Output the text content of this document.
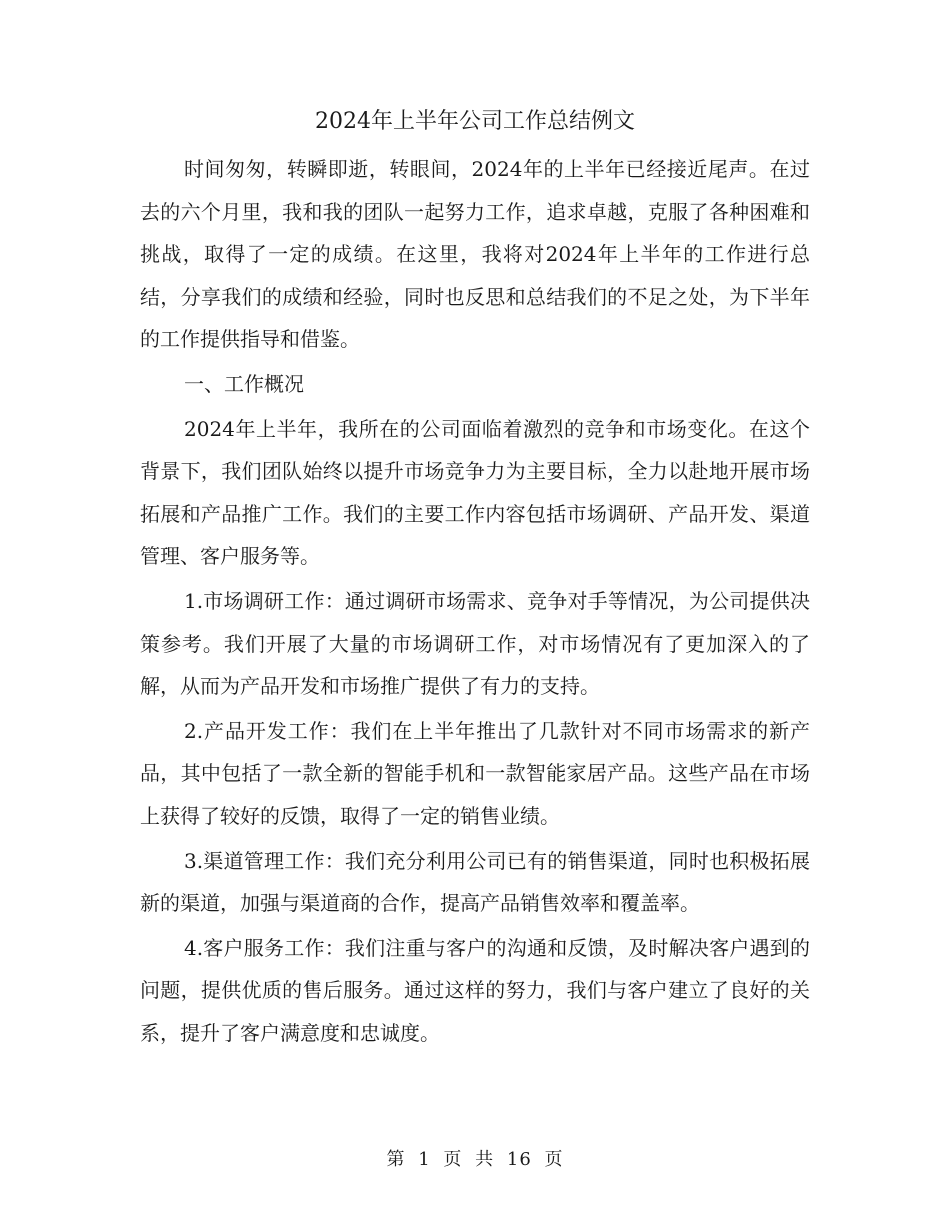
2024年上半年公司工作总结例文

时间匆匆，转瞬即逝，转眼间，2024年的上半年已经接近尾声。在过去的六个月里，我和我的团队一起努力工作，追求卓越，克服了各种困难和挑战，取得了一定的成绩。在这里，我将对2024年上半年的工作进行总结，分享我们的成绩和经验，同时也反思和总结我们的不足之处，为下半年的工作提供指导和借鉴。

一、工作概况

2024年上半年，我所在的公司面临着激烈的竞争和市场变化。在这个背景下，我们团队始终以提升市场竞争力为主要目标，全力以赴地开展市场拓展和产品推广工作。我们的主要工作内容包括市场调研、产品开发、渠道管理、客户服务等。

1.市场调研工作：通过调研市场需求、竞争对手等情况，为公司提供决策参考。我们开展了大量的市场调研工作，对市场情况有了更加深入的了解，从而为产品开发和市场推广提供了有力的支持。

2.产品开发工作：我们在上半年推出了几款针对不同市场需求的新产品，其中包括了一款全新的智能手机和一款智能家居产品。这些产品在市场上获得了较好的反馈，取得了一定的销售业绩。

3.渠道管理工作：我们充分利用公司已有的销售渠道，同时也积极拓展新的渠道，加强与渠道商的合作，提高产品销售效率和覆盖率。

4.客户服务工作：我们注重与客户的沟通和反馈，及时解决客户遇到的问题，提供优质的售后服务。通过这样的努力，我们与客户建立了良好的关系，提升了客户满意度和忠诚度。

第 1 页 共 16 页
